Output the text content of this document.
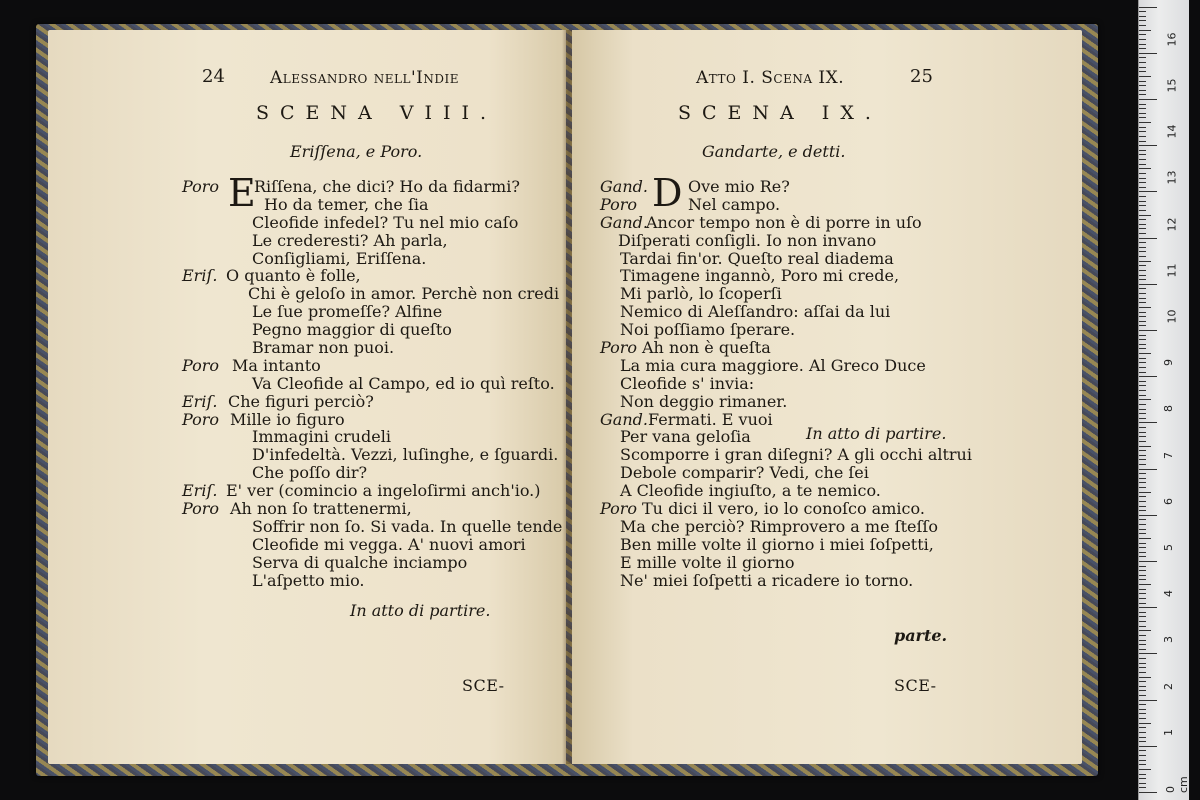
24	Alessandro nell'Indie
SCENA VIII.
Eriſſena, e Poro.
E
Poro Riſſena, che dici? Ho da fidarmi?
Ho da temer, che ſia
Cleofide infedel? Tu nel mio caſo
Le crederesti? Ah parla,
Conſigliami, Eriſſena.
Eriſ. O quanto è folle,
Chi è geloſo in amor. Perchè non credi
Le ſue promeſſe? Alfine
Pegno maggior di queſto
Bramar non puoi.
Poro Ma intanto
Va Cleofide al Campo, ed io quì reſto.
Eriſ. Che figuri perciò?
Poro Mille io figuro
Immagini crudeli
D'infedeltà. Vezzi, luſinghe, e ſguardi.
Che poſſo dir?
Eriſ. E' ver (comincio a ingeloſirmi anch'io.)
Poro Ah non ſo trattenermi,
Soffrir non ſo. Si vada. In quelle tende
Cleofide mi vegga. A' nuovi amori
Serva di qualche inciampo
L'aſpetto mio.
In atto di partire.
SCE-
Atto I. Scena IX.	25
SCENA IX.
Gandarte, e detti.
D
Gand.	Ove mio Re?
Poro	Nel campo.
Gand.
Ancor tempo non è di porre in uſo
Diſperati conſigli. Io non invano
Tardai fin'or. Queſto real diadema
Timagene ingannò, Poro mi crede,
Mi parlò, lo ſcoperſi
Nemico di Aleſſandro: aſſai da lui
Noi poſſiamo ſperare.
Poro Ah non è queſta
La mia cura maggiore. Al Greco Duce
Cleofide s' invia:
Non deggio rimaner.
Gand. Fermati. E vuoi
Per vana geloſia
Scomporre i gran diſegni? A gli occhi altrui
Debole comparir? Vedi, che ſei
A Cleofide ingiuſto, a te nemico.
Poro Tu dici il vero, io lo conoſco amico.
Ma che perciò? Rimprovero a me ſteſſo
Ben mille volte il giorno i miei ſoſpetti,
E mille volte il giorno
Ne' miei ſoſpetti a ricadere io torno.
In atto di partire.
parte.
SCE-
0 cm
1
2
3
4
5
6
7
8
9
10
11
12
13
14
15
16
